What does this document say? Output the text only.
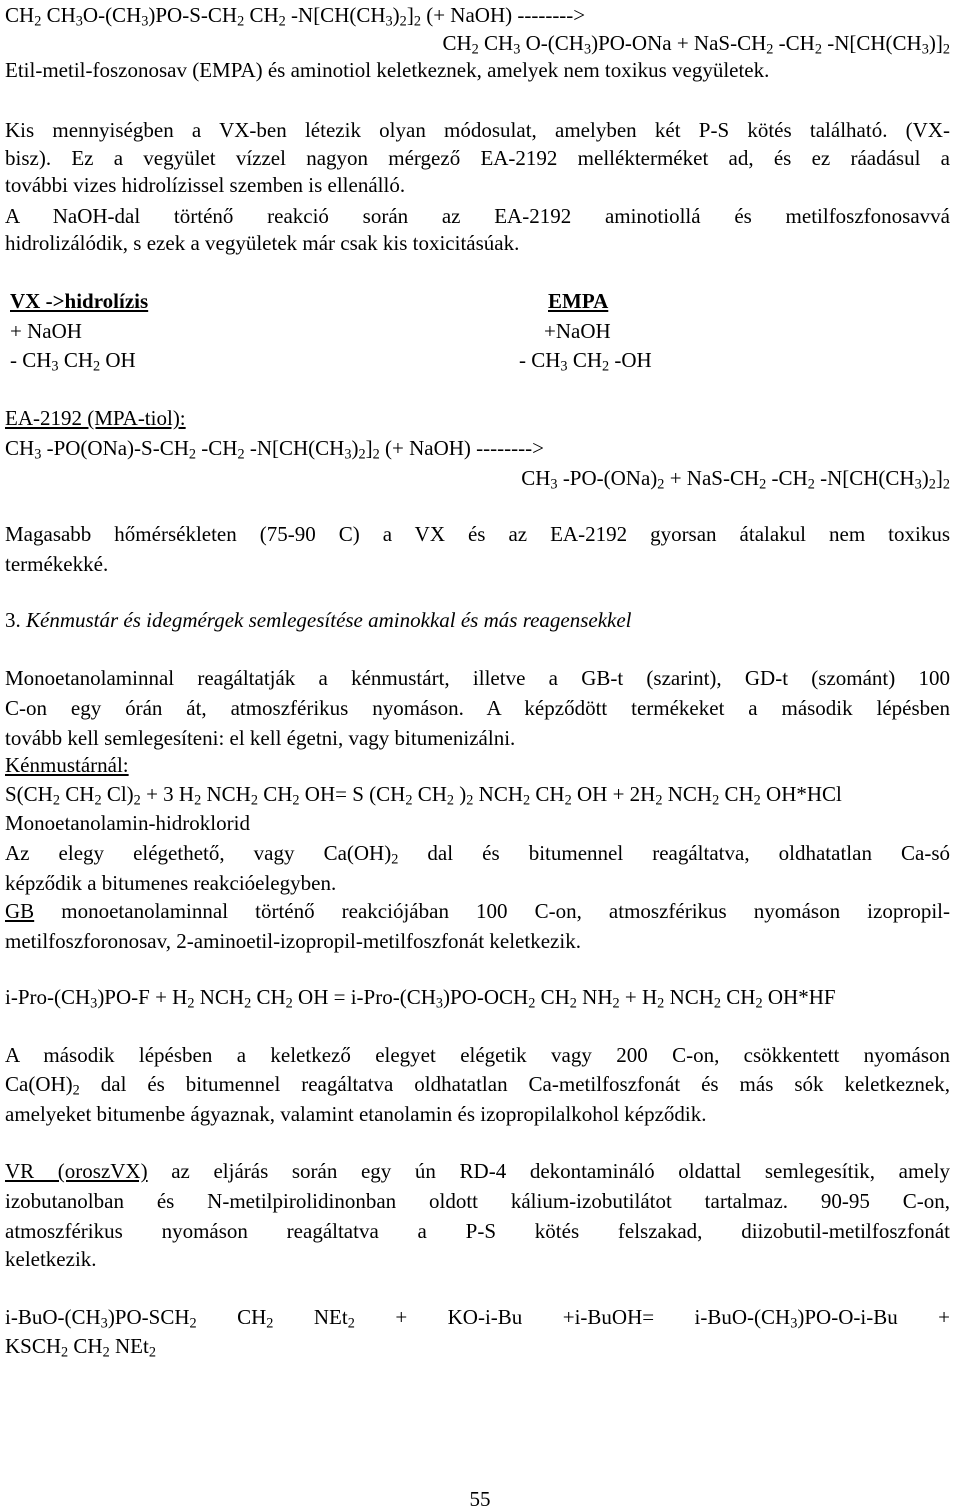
$CH_2$ $CH_3O-(CH_3)PO-S-CH_2$ $CH_2$ $-N[CH(CH_3)_2]_2$ (+ NaOH) -------->
$CH_2$ $CH_3$ $O-(CH_3)PO$-ONa + NaS-$CH_2$ $-CH_2$ $-N[CH(CH_3)]_2$
Etil-metil-foszonosav (EMPA) és aminotiol keletkeznek, amelyek nem toxikus vegyületek.
Kis mennyiségben a VX-ben létezik olyan módosulat, amelyben két P-S kötés található. (VX-
bisz). Ez a vegyület vízzel nagyon mérgező EA-2192 mellékterméket ad, és ez ráadásul a
további vizes hidrolízissel szemben is ellenálló.
A NaOH-dal történő reakció során az EA-2192 aminotiollá és metilfoszfonosavvá
hidrolizálódik, s ezek a vegyületek már csak kis toxicitásúak.
EA-2192 (MPA-tiol):
$CH_3$ $-PO(ONa)-S-CH_2$ $-CH_2$ $-N[CH(CH_3)_2]_2$ (+ NaOH) -------->
$CH_3$ $-PO-(ONa)_2 + NaS-CH_2$ $-CH_2$ $-N[CH(CH_3)_2]_2$
Magasabb hőmérsékleten (75-90 C) a VX és az EA-2192 gyorsan átalakul nem toxikus
termékekké.
3. Kénmustár és idegmérgek semlegesítése aminokkal és más reagensekkel
Monoetanolaminnal reagáltatják a kénmustárt, illetve a GB-t (szarint), GD-t (szománt) 100
C-on egy órán át, atmoszférikus nyomáson. A képződött termékeket a második lépésben
tovább kell semlegesíteni: el kell égetni, vagy bitumenizálni.
Kénmustárnál:
$S(CH_2$ $CH_2$ $Cl)_2 + 3$ $H_2$ $NCH_2$ $CH_2$ OH= S ($CH_2$ $CH_2$ )$_2$ $NCH_2$ $CH_2$ OH + $2H_2$ $NCH_2$ $CH_2$ OH*HCl
Monoetanolamin-hidroklorid
Az elegy elégethető, vagy $Ca(OH)_2$ dal és bitumennel reagáltatva, oldhatatlan Ca-só
képződik a bitumenes reakcióelegyben.
GB monoetanolaminnal történő reakciójában 100 C-on, atmoszférikus nyomáson izopropil-
metilfoszforonosav, 2-aminoetil-izopropil-metilfoszfonát keletkezik.
$i-Pro-(CH_3)PO-F + H_2$ $NCH_2$ $CH_2$ OH = $i-Pro-(CH_3)PO-OCH_2$ $CH_2$ $NH_2 + H_2$ $NCH_2$ $CH_2$ OH*HF
A második lépésben a keletkező elegyet elégetik vagy 200 C-on, csökkentett nyomáson
$Ca(OH)_2$ dal és bitumennel reagáltatva oldhatatlan Ca-metilfoszfonát és más sók keletkeznek,
amelyeket bitumenbe ágyaznak, valamint etanolamin és izopropilalkohol képződik.
VR (oroszVX) az eljárás során egy ún RD-4 dekontamináló oldattal semlegesítik, amely
izobutanolban és N-metilpirolidinonban oldott kálium-izobutilátot tartalmaz. 90-95 C-on,
atmoszférikus nyomáson reagáltatva a P-S kötés felszakad, diizobutil-metilfoszfonát
keletkezik.
$i-BuO-(CH_3)PO-SCH_2$ $CH_2$ NEt$_2$ + KO-i-Bu +i-BuOH= $i-BuO-(CH_3)PO-O-i-Bu$ +
$KSCH_2$ $CH_2$ NEt$_2$
VX ->hidrolízis
+ NaOH
- $CH_3$ $CH_2$ OH
EMPA
+NaOH
- $CH_3$ $CH_2$ -OH
55
